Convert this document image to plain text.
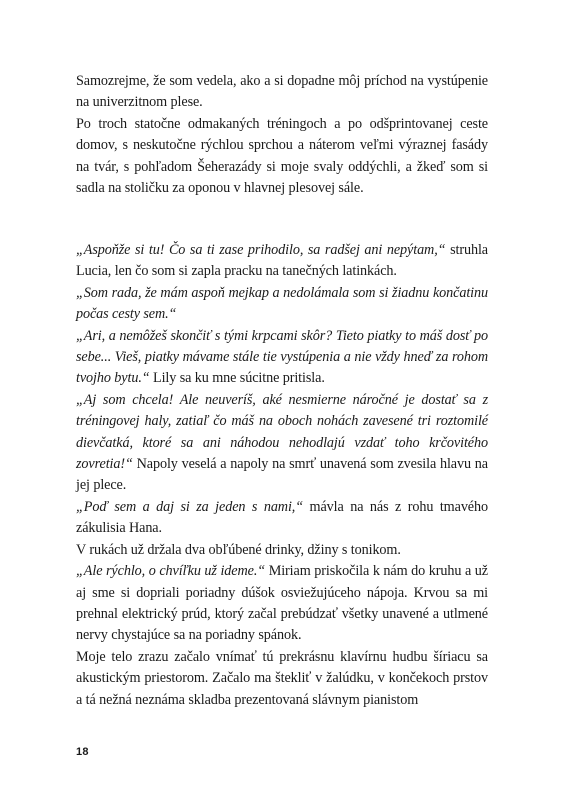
Samozrejme, že som vedela, ako a si dopadne môj príchod na vystúpenie na univerzitnom plese.

Po troch statočne odmakaných tréningoch a po odšprintovanej ceste domov, s neskutočne rýchlou sprchou a náterom veľmi výraznej fasády na tvár, s pohľadom Šeherazády si moje svaly oddýchli, a žkeď som si sadla na stoličku za oponou v hlavnej plesovej sále.

„Aspoňže si tu! Čo sa ti zase prihodilo, sa radšej ani nepýtam,“ struhla Lucia, len čo som si zapla pracku na tanečných latinkách.

„Som rada, že mám aspoň mejkap a nedolámala som si žiadnu končatinu počas cesty sem.“

„Ari, a nemôžeš skončiť s tými krpcami skôr? Tieto piatky to máš dosť po sebe... Vieš, piatky mávame stále tie vystúpenia a nie vždy hneď za rohom tvojho bytu.“ Lily sa ku mne súcitne pritisla.

„Aj som chcela! Ale neuveríš, aké nesmierne náročné je dostať sa z tréningovej haly, zatiaľ čo máš na oboch nohách zavesené tri roztomilé dievčatká, ktoré sa ani náhodou nehodlajú vzdať toho krčovitého zovretia!“ Napoly veselá a napoly na smrť unavená som zvesila hlavu na jej plece.

„Poď sem a daj si za jeden s nami,“ mávla na nás z rohu tmavého zákulisia Hana.

V rukách už držala dva obľúbené drinky, džiny s tonikom.

„Ale rýchlo, o chvíľku už ideme.“ Miriam priskočila k nám do kruhu a už aj sme si dopriali poriadny dúšok osviežujúceho nápoja. Krvou sa mi prehnal elektrický prúd, ktorý začal prebúdzať všetky unavené a utlmené nervy chystajúce sa na poriadny spánok.

Moje telo zrazu začalo vnímať tú prekrásnu klavírnu hudbu šíriacu sa akustickým priestorom. Začalo ma štekliť v žalúdku, v končekoch prstov a tá nežná neznáma skladba prezentovaná slávnym pianistom

18
